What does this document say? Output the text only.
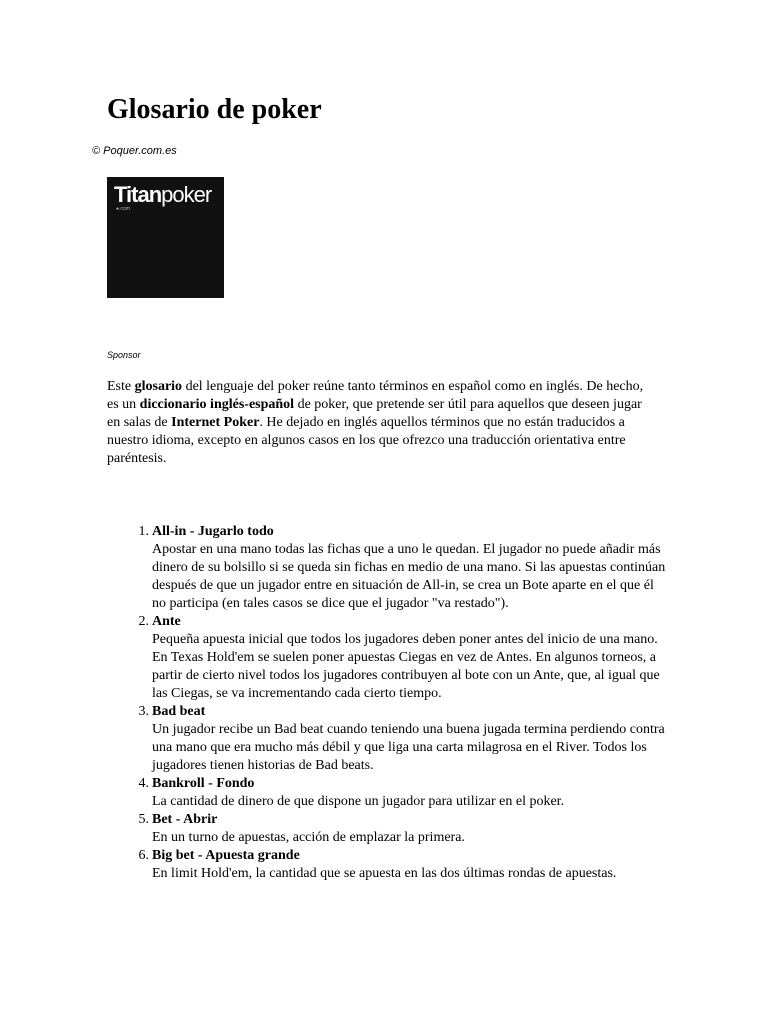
Glosario de poker
© Poquer.com.es
Titanpoker
●.com
Sponsor

Este glosario del lenguaje del poker reúne tanto términos en español como en inglés. De hecho, es un diccionario inglés-español de poker, que pretende ser útil para aquellos que deseen jugar en salas de Internet Poker. He dejado en inglés aquellos términos que no están traducidos a nuestro idioma, excepto en algunos casos en los que ofrezco una traducción orientativa entre paréntesis.

1. All-in - Jugarlo todo
Apostar en una mano todas las fichas que a uno le quedan. El jugador no puede añadir más dinero de su bolsillo si se queda sin fichas en medio de una mano. Si las apuestas continúan después de que un jugador entre en situación de All-in, se crea un Bote aparte en el que él no participa (en tales casos se dice que el jugador "va restado").
2. Ante
Pequeña apuesta inicial que todos los jugadores deben poner antes del inicio de una mano. En Texas Hold'em se suelen poner apuestas Ciegas en vez de Antes. En algunos torneos, a partir de cierto nivel todos los jugadores contribuyen al bote con un Ante, que, al igual que las Ciegas, se va incrementando cada cierto tiempo.
3. Bad beat
Un jugador recibe un Bad beat cuando teniendo una buena jugada termina perdiendo contra una mano que era mucho más débil y que liga una carta milagrosa en el River. Todos los jugadores tienen historias de Bad beats.
4. Bankroll - Fondo
La cantidad de dinero de que dispone un jugador para utilizar en el poker.
5. Bet - Abrir
En un turno de apuestas, acción de emplazar la primera.
6. Big bet - Apuesta grande
En limit Hold'em, la cantidad que se apuesta en las dos últimas rondas de apuestas.
